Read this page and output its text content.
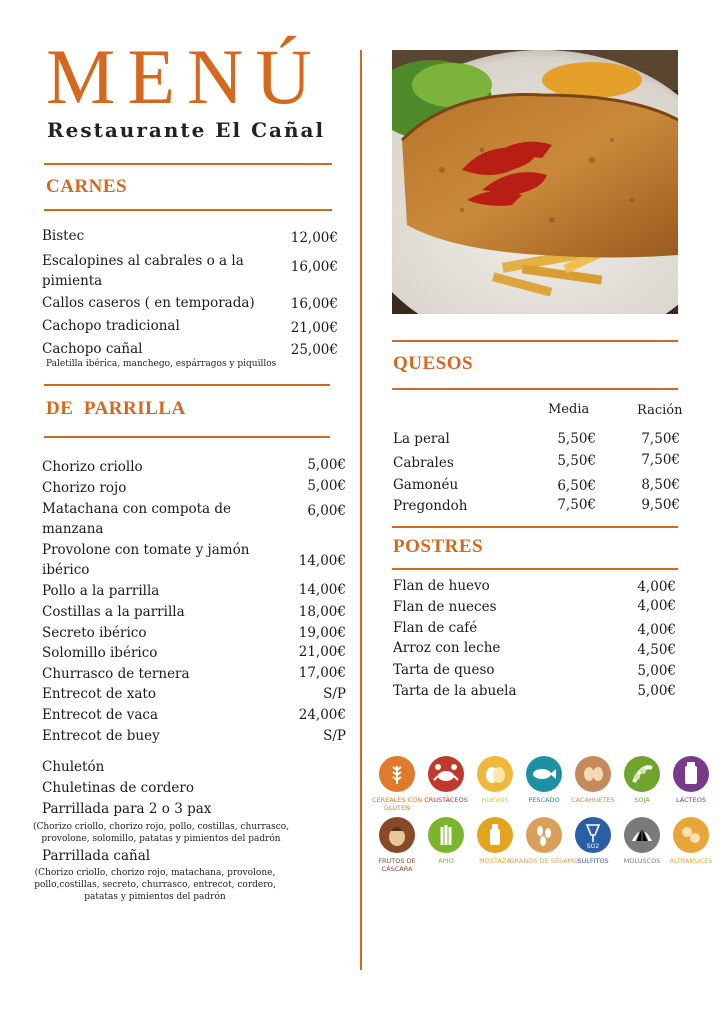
MENÚ
Restaurante El Cañal
CARNES
Bistec	12,00€
Escalopines al cabrales o a la pimienta
16,00€
Callos caseros ( en temporada)	16,00€
Cachopo tradicional	21,00€
Cachopo cañal	25,00€
Paletilla ibérica, manchego, espárragos y piquillos
DE  PARRILLA
Chorizo criollo	5,00€
Chorizo rojo	5,00€
Matachana con compota de manzana
6,00€
Provolone con tomate y jamón ibérico
14,00€
Pollo a la parrilla	14,00€
Costillas a la parrilla	18,00€
Secreto ibérico	19,00€
Solomillo ibérico	21,00€
Churrasco de ternera	17,00€
Entrecot de xato	S/P
Entrecot de vaca	24,00€
Entrecot de buey	S/P
Chuletón
Chuletinas de cordero
Parrillada para 2 o 3 pax
(Chorizo criollo, chorizo rojo, pollo, costillas, churrasco, provolone, solomillo, patatas y pimientos del padrón
Parrillada cañal
(Chorizo criollo, chorizo rojo, matachana, provolone, pollo,costillas, secreto, churrasco, entrecot, cordero, patatas y pimientos del padrón
QUESOS
Media	Ración
La peral	5,50€	7,50€
Cabrales	5,50€	7,50€
Gamonéu	6,50€	8,50€
Pregondoh	7,50€	9,50€
POSTRES
Flan de huevo	4,00€
Flan de nueces	4,00€
Flan de café	4,00€
Arroz con leche	4,50€
Tarta de queso	5,00€
Tarta de la abuela	5,00€
CEREALES CON GLUTEN
CRUSTÁCEOS	HUEVOS	PESCADO	CACAHUETES	SOJA	LÁCTEOS
FRUTOS DE CÁSCARA
APIO	MOSTAZA
GRANOS DE SÉSAMO
SO2
SULFITOS	MOLUSCOS	ALTRAMUCES
